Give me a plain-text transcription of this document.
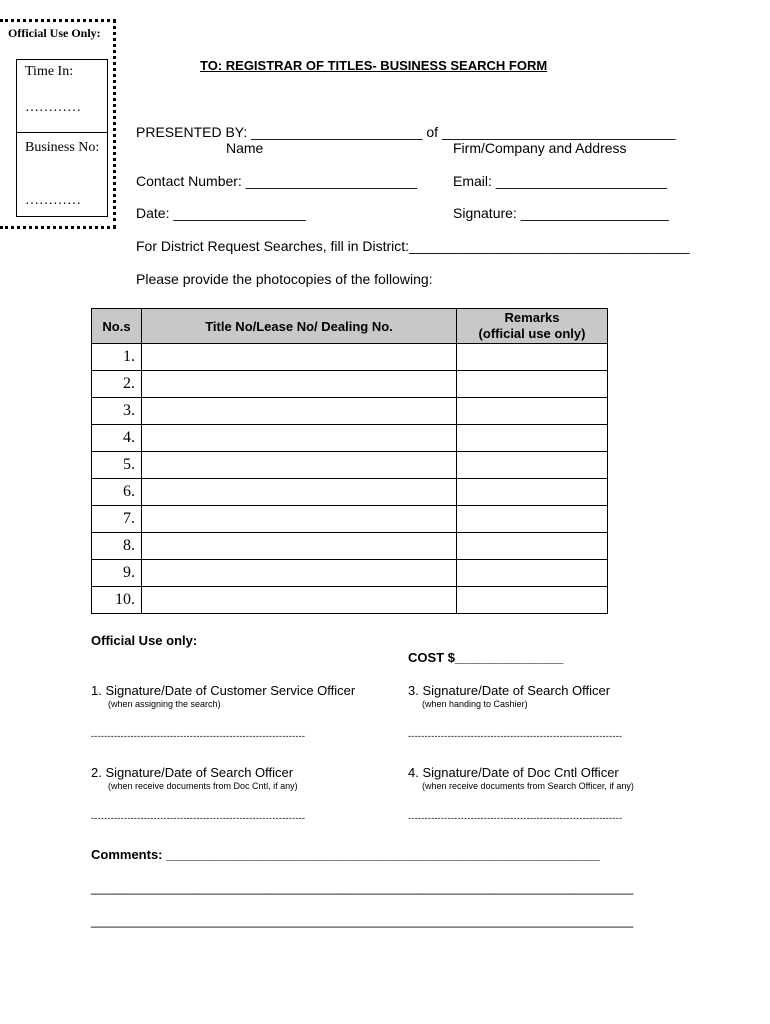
Official Use Only:
Time In:
…………
Business No:
…………
TO: REGISTRAR OF TITLES- BUSINESS SEARCH FORM
PRESENTED BY: ______________________ of ______________________________
Name	Firm/Company and Address
Contact Number: ______________________	Email: ______________________
Date: _________________	Signature: ___________________
For District Request Searches, fill in District:____________________________________
Please provide the photocopies of the following:
No.s	Title No/Lease No/ Dealing No.	Remarks
(official use only)
1.		
2.		
3.		
4.		
5.		
6.		
7.		
8.		
9.		
10.		
Official Use only:
COST $_______________
1. Signature/Date of Customer Service Officer
(when assigning the search)
-----------------------------------------------------------------
3. Signature/Date of Search Officer
(when handing to Cashier)
-----------------------------------------------------------------
2. Signature/Date of Search Officer
(when receive documents from Doc Cntl, if any)
-----------------------------------------------------------------
4. Signature/Date of Doc Cntl Officer
(when receive documents from Search Officer, if any)
-----------------------------------------------------------------
Comments: ____________________________________________________________
___________________________________________________________________________
___________________________________________________________________________
